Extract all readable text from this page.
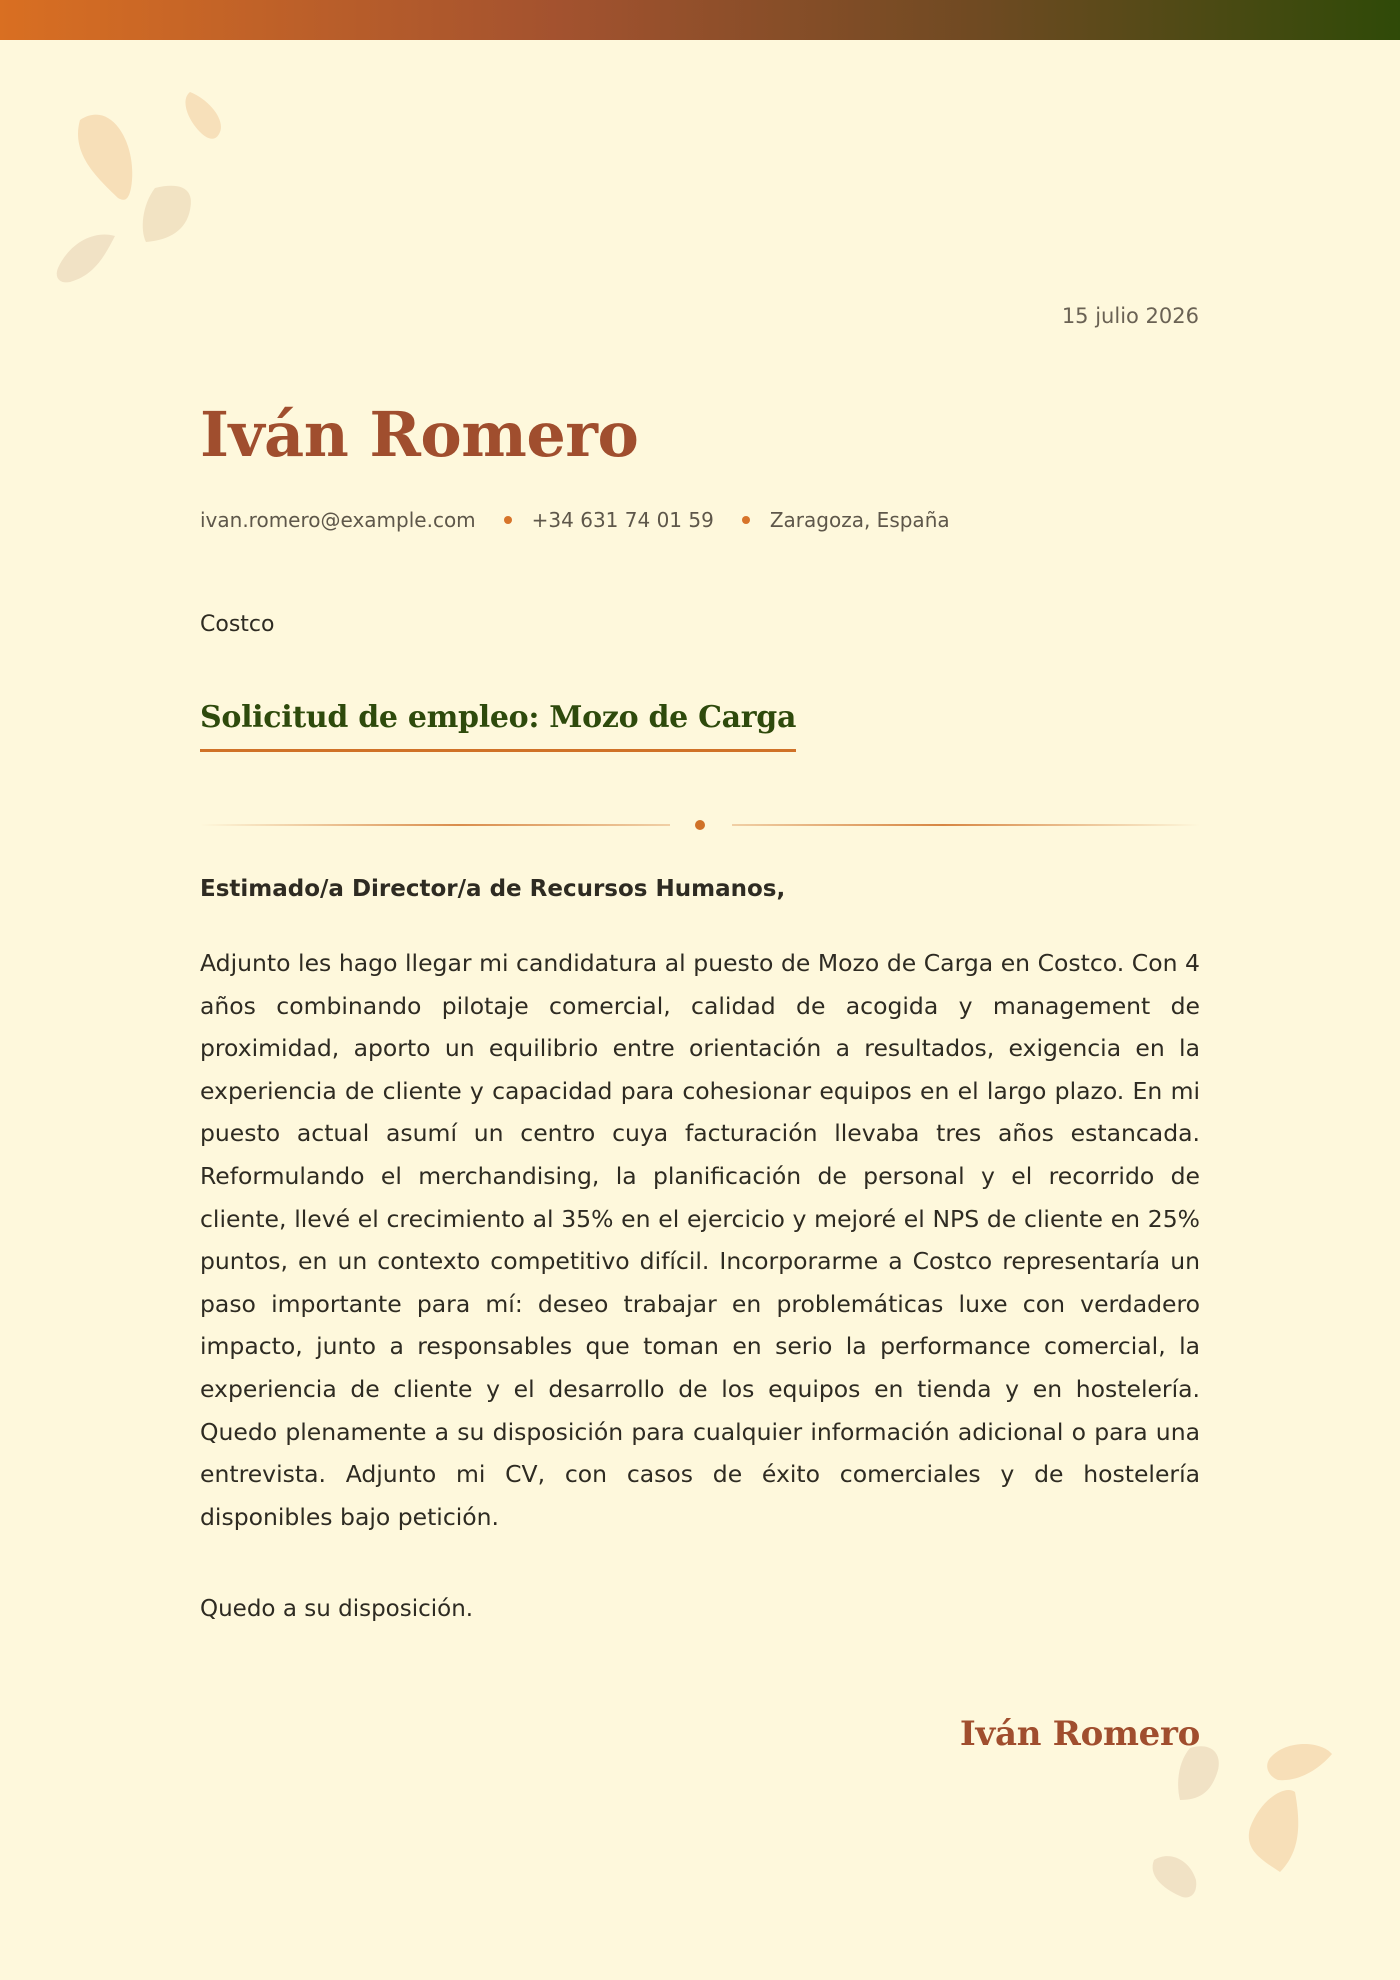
15 julio 2026
Iván Romero
ivan.romero@example.com	+34 631 74 01 59	Zaragoza, España
Costco
Solicitud de empleo: Mozo de Carga
Estimado/a Director/a de Recursos Humanos,

Adjunto les hago llegar mi candidatura al puesto de Mozo de Carga en Costco. Con 4 años combinando pilotaje comercial, calidad de acogida y management de proximidad, aporto un equilibrio entre orientación a resultados, exigencia en la experiencia de cliente y capacidad para cohesionar equipos en el largo plazo. En mi puesto actual asumí un centro cuya facturación llevaba tres años estancada. Reformulando el merchandising, la planificación de personal y el recorrido de cliente, llevé el crecimiento al 35% en el ejercicio y mejoré el NPS de cliente en 25% puntos, en un contexto competitivo difícil. Incorporarme a Costco representaría un paso importante para mí: deseo trabajar en problemáticas luxe con verdadero impacto, junto a responsables que toman en serio la performance comercial, la experiencia de cliente y el desarrollo de los equipos en tienda y en hostelería. Quedo plenamente a su disposición para cualquier información adicional o para una entrevista. Adjunto mi CV, con casos de éxito comerciales y de hostelería disponibles bajo petición.

Quedo a su disposición.
Iván Romero
